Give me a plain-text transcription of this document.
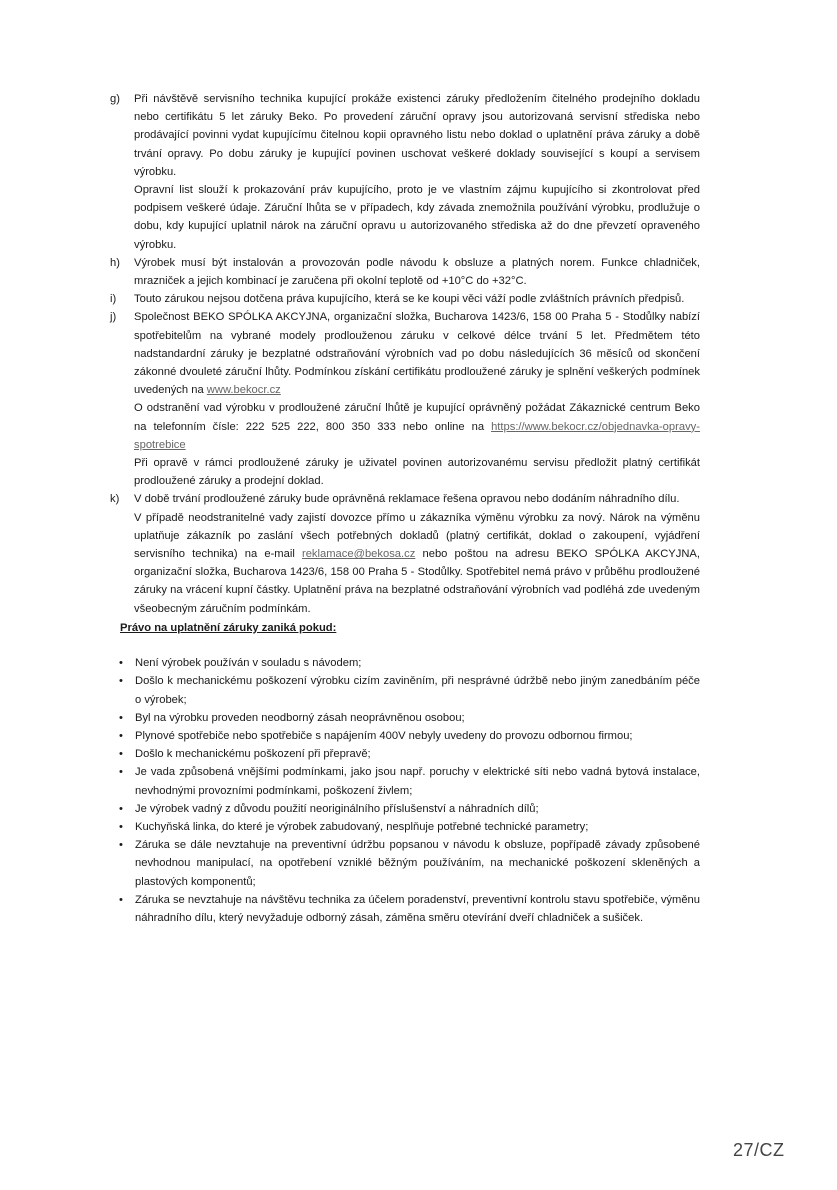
g)	Při návštěvě servisního technika kupující prokáže existenci záruky předložením čitelného prodejního dokladu nebo certifikátu 5 let záruky Beko. Po provedení záruční opravy jsou autorizovaná servisní střediska nebo prodávající povinni vydat kupujícímu čitelnou kopii opravného listu nebo doklad o uplatnění práva záruky a době trvání opravy. Po dobu záruky je kupující povinen uschovat veškeré doklady související s koupí a servisem výrobku.

Opravní list slouží k prokazování práv kupujícího, proto je ve vlastním zájmu kupujícího si zkontrolovat před podpisem veškeré údaje. Záruční lhůta se v případech, kdy závada znemožnila používání výrobku, prodlužuje o dobu, kdy kupující uplatnil nárok na záruční opravu u autorizovaného střediska až do dne převzetí opraveného výrobku.

h)	Výrobek musí být instalován a provozován podle návodu k obsluze a platných norem. Funkce chladniček, mrazniček a jejich kombinací je zaručena při okolní teplotě od +10°C do +32°C.

i)	Touto zárukou nejsou dotčena práva kupujícího, která se ke koupi věci váží podle zvláštních právních předpisů.

j)	Společnost BEKO SPÓLKA AKCYJNA, organizační složka, Bucharova 1423/6, 158 00 Praha 5 - Stodůlky nabízí spotřebitelům na vybrané modely prodlouženou záruku v celkové délce trvání 5 let. Předmětem této nadstandardní záruky je bezplatné odstraňování výrobních vad po dobu následujících 36 měsíců od skončení zákonné dvouleté záruční lhůty. Podmínkou získání certifikátu prodloužené záruky je splnění veškerých podmínek uvedených na www.bekocr.cz

O odstranění vad výrobku v prodloužené záruční lhůtě je kupující oprávněný požádat Zákaznické centrum Beko na telefonním čísle: 222 525 222, 800 350 333 nebo online na https://www.bekocr.cz/objednavka-opravy-spotrebice

Při opravě v rámci prodloužené záruky je uživatel povinen autorizovanému servisu předložit platný certifikát prodloužené záruky a prodejní doklad.

k)	V době trvání prodloužené záruky bude oprávněná reklamace řešena opravou nebo dodáním náhradního dílu.

V případě neodstranitelné vady zajistí dovozce přímo u zákazníka výměnu výrobku za nový. Nárok na výměnu uplatňuje zákazník po zaslání všech potřebných dokladů (platný certifikát, doklad o zakoupení, vyjádření servisního technika) na e-mail reklamace@bekosa.cz nebo poštou na adresu BEKO SPÓLKA AKCYJNA, organizační složka, Bucharova 1423/6, 158 00 Praha 5 - Stodůlky. Spotřebitel nemá právo v průběhu prodloužené záruky na vrácení kupní částky. Uplatnění práva na bezplatné odstraňování výrobních vad podléhá zde uvedeným všeobecným záručním podmínkám.

Právo na uplatnění záruky zaniká pokud:
•	Není výrobek používán v souladu s návodem;
•	Došlo k mechanickému poškození výrobku cizím zaviněním, při nesprávné údržbě nebo jiným zanedbáním péče o výrobek;
•	Byl na výrobku proveden neodborný zásah neoprávněnou osobou;
•	Plynové spotřebiče nebo spotřebiče s napájením 400V nebyly uvedeny do provozu odbornou firmou;
•	Došlo k mechanickému poškození při přepravě;
•	Je vada způsobená vnějšími podmínkami, jako jsou např. poruchy v elektrické síti nebo vadná bytová instalace, nevhodnými provozními podmínkami, poškození živlem;
•	Je výrobek vadný z důvodu použití neoriginálního příslušenství a náhradních dílů;
•	Kuchyňská linka, do které je výrobek zabudovaný, nesplňuje potřebné technické parametry;
•	Záruka se dále nevztahuje na preventivní údržbu popsanou v návodu k obsluze, popřípadě závady způsobené nevhodnou manipulací, na opotřebení vzniklé běžným používáním, na mechanické poškození skleněných a plastových komponentů;
•	Záruka se nevztahuje na návštěvu technika za účelem poradenství, preventivní kontrolu stavu spotřebiče, výměnu náhradního dílu, který nevyžaduje odborný zásah, záměna směru otevírání dveří chladniček a sušiček.
27/CZ
